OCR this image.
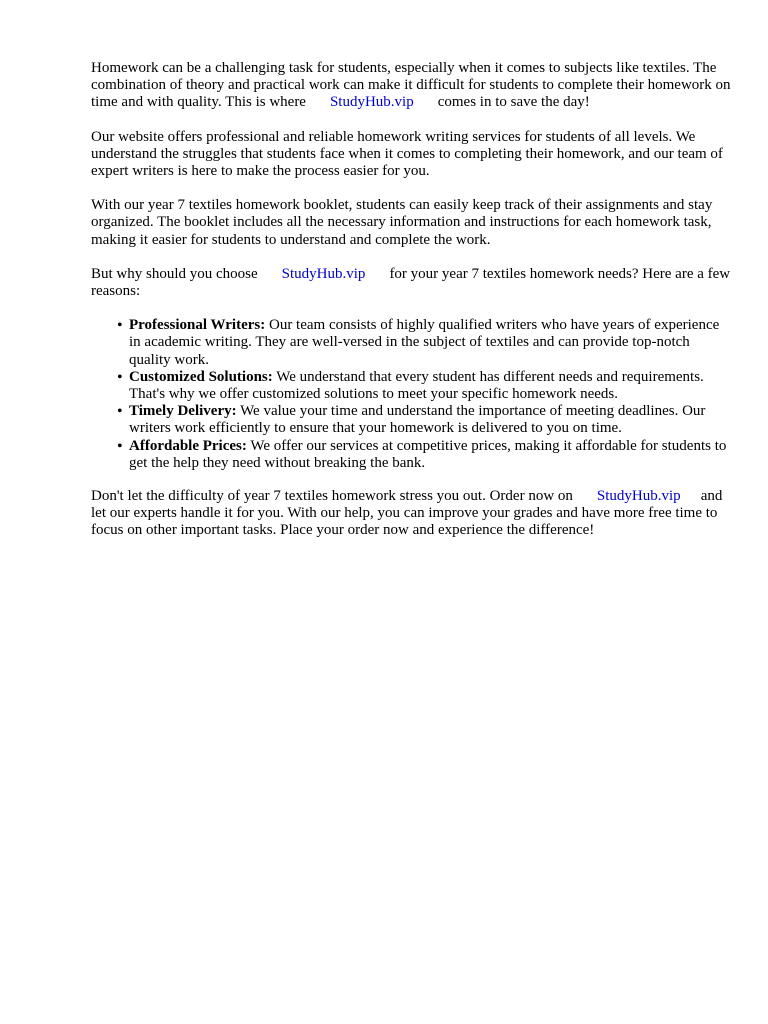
Homework can be a challenging task for students, especially when it comes to subjects like textiles. The combination of theory and practical work can make it difficult for students to complete their homework on time and with quality. This is where StudyHub.vip comes in to save the day!

Our website offers professional and reliable homework writing services for students of all levels. We understand the struggles that students face when it comes to completing their homework, and our team of expert writers is here to make the process easier for you.

With our year 7 textiles homework booklet, students can easily keep track of their assignments and stay organized. The booklet includes all the necessary information and instructions for each homework task, making it easier for students to understand and complete the work.

But why should you choose StudyHub.vip for your year 7 textiles homework needs? Here are a few reasons:

• Professional Writers: Our team consists of highly qualified writers who have years of experience in academic writing. They are well-versed in the subject of textiles and can provide top-notch quality work.
• Customized Solutions: We understand that every student has different needs and requirements. That's why we offer customized solutions to meet your specific homework needs.
• Timely Delivery: We value your time and understand the importance of meeting deadlines. Our writers work efficiently to ensure that your homework is delivered to you on time.
• Affordable Prices: We offer our services at competitive prices, making it affordable for students to get the help they need without breaking the bank.

Don't let the difficulty of year 7 textiles homework stress you out. Order now on StudyHub.vip and let our experts handle it for you. With our help, you can improve your grades and have more free time to focus on other important tasks. Place your order now and experience the difference!
